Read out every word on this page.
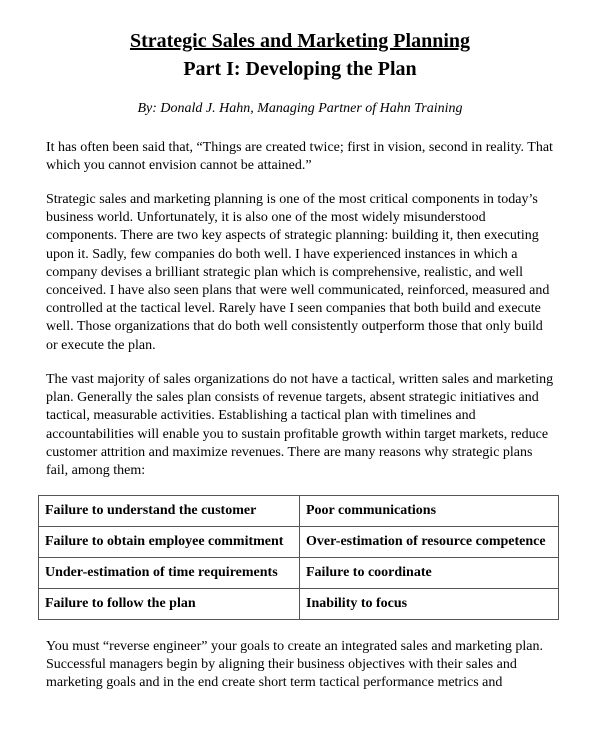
Strategic Sales and Marketing Planning
Part I: Developing the Plan

By: Donald J. Hahn, Managing Partner of Hahn Training

It has often been said that, “Things are created twice; first in vision, second in reality. That which you cannot envision cannot be attained.”

Strategic sales and marketing planning is one of the most critical components in today’s business world. Unfortunately, it is also one of the most widely misunderstood components. There are two key aspects of strategic planning: building it, then executing upon it. Sadly, few companies do both well. I have experienced instances in which a company devises a brilliant strategic plan which is comprehensive, realistic, and well conceived. I have also seen plans that were well communicated, reinforced, measured and controlled at the tactical level. Rarely have I seen companies that both build and execute well. Those organizations that do both well consistently outperform those that only build or execute the plan.

The vast majority of sales organizations do not have a tactical, written sales and marketing plan. Generally the sales plan consists of revenue targets, absent strategic initiatives and tactical, measurable activities. Establishing a tactical plan with timelines and accountabilities will enable you to sustain profitable growth within target markets, reduce customer attrition and maximize revenues. There are many reasons why strategic plans fail, among them:

Failure to understand the customer	Poor communications
Failure to obtain employee commitment	Over-estimation of resource competence
Under-estimation of time requirements	Failure to coordinate
Failure to follow the plan	Inability to focus

You must “reverse engineer” your goals to create an integrated sales and marketing plan. Successful managers begin by aligning their business objectives with their sales and marketing goals and in the end create short term tactical performance metrics and
